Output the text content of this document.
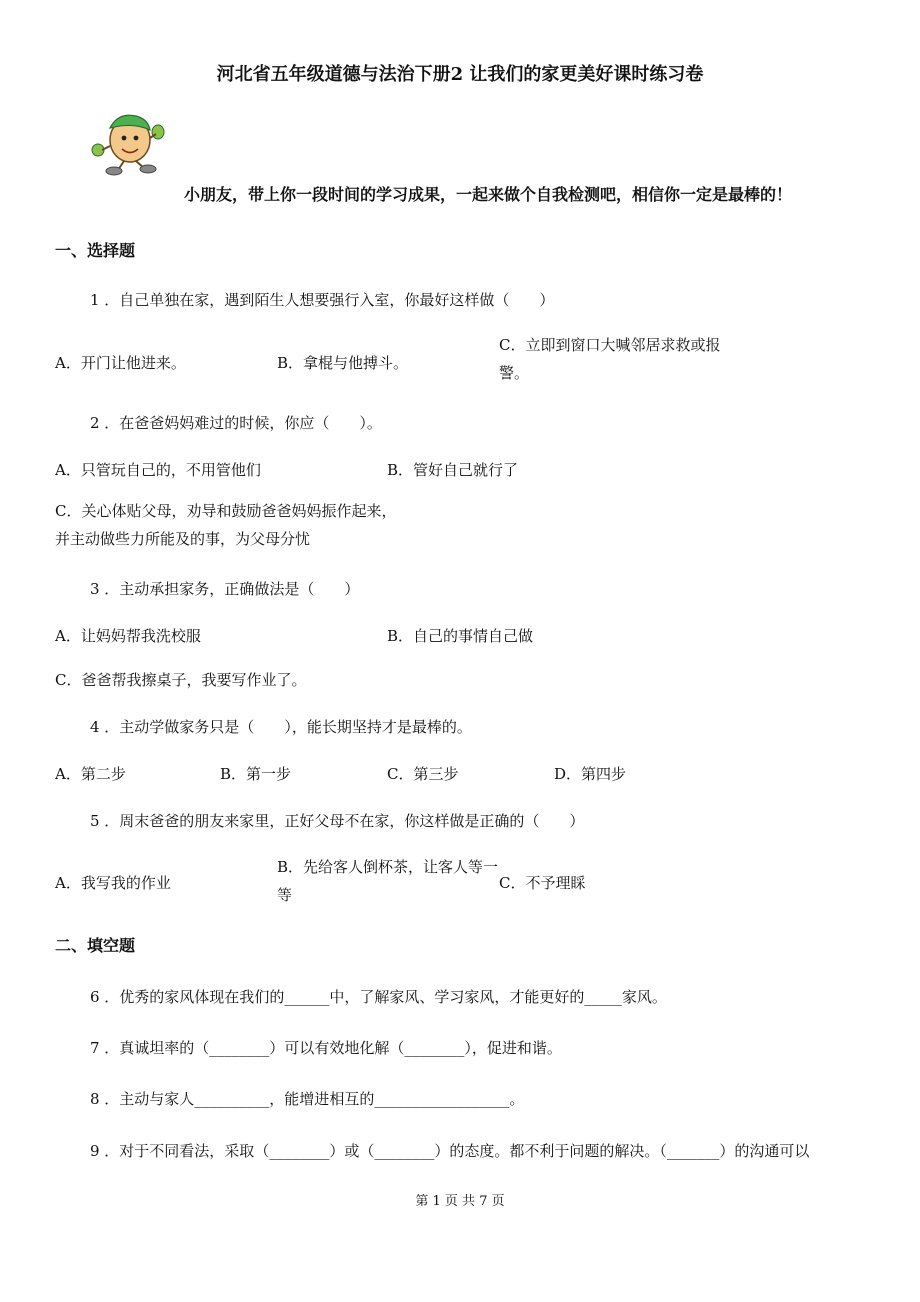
河北省五年级道德与法治下册2 让我们的家更美好课时练习卷
小朋友，带上你一段时间的学习成果，一起来做个自我检测吧，相信你一定是最棒的！
一、选择题
1 ．自己单独在家，遇到陌生人想要强行入室，你最好这样做（　　）
A．开门让他进来。	B．拿棍与他搏斗。
C．立即到窗口大喊邻居求救或报警。
2 ．在爸爸妈妈难过的时候，你应（　　）。
A．只管玩自己的，不用管他们	B．管好自己就行了
C．关心体贴父母，劝导和鼓励爸爸妈妈振作起来，并主动做些力所能及的事，为父母分忧
3 ．主动承担家务，正确做法是（　　）
A．让妈妈帮我洗校服	B．自己的事情自己做
C．爸爸帮我擦桌子，我要写作业了。
4 ．主动学做家务只是（　　），能长期坚持才是最棒的。
A．第二步	B．第一步	C．第三步	D．第四步
5 ．周末爸爸的朋友来家里，正好父母不在家，你这样做是正确的（　　）
A．我写我的作业
B．先给客人倒杯茶，让客人等一等
C．不予理睬
二、填空题
6 ．优秀的家风体现在我们的______中，了解家风、学习家风，才能更好的_____家风。
7 ．真诚坦率的（________）可以有效地化解（________），促进和谐。
8 ．主动与家人__________，能增进相互的__________________。
9 ．对于不同看法，采取（________）或（________）的态度。都不利于问题的解决。（_______）的沟通可以
第 1 页 共 7 页
